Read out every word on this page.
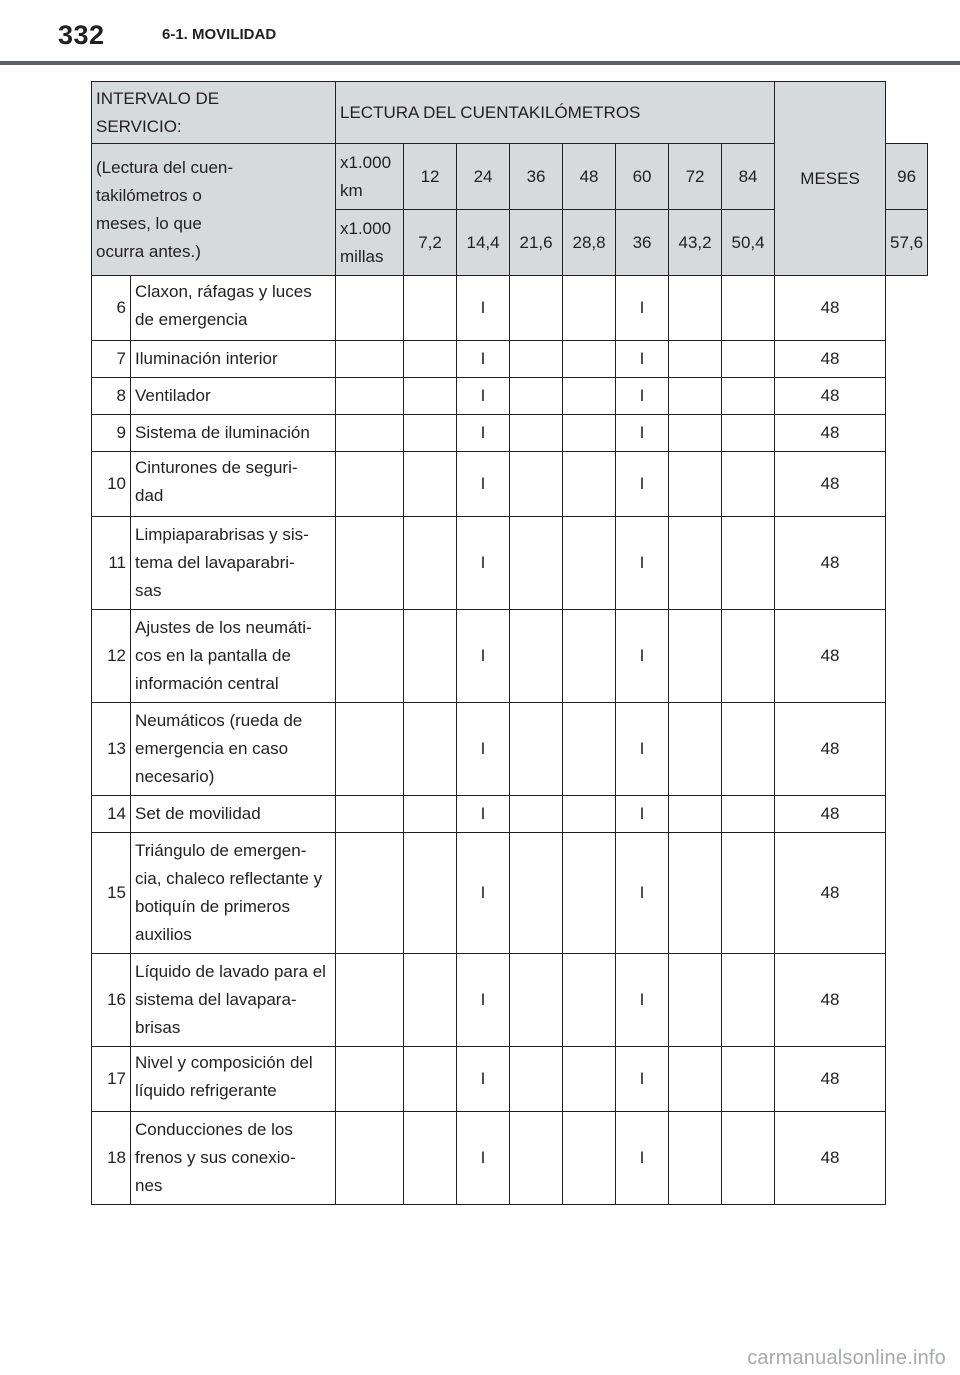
332	6-1. MOVILIDAD
INTERVALO DE SERVICIO:		LECTURA DEL CUENTAKILÓMETROS								MESES	
(Lectura del cuen-takilómetros o meses, lo que ocurra antes.)		x1.000 km	12	24	36	48	60	72	84		96
		x1.000 millas	7,2	14,4	21,6	28,8	36	43,2	50,4		57,6
6	Claxon, ráfagas y luces de emergencia			I			I			48	
7	Iluminación interior			I			I			48	
8	Ventilador			I			I			48	
9	Sistema de iluminación			I			I			48	
10	Cinturones de seguri-dad			I			I			48	
11	Limpiaparabrisas y sis-tema del lavaparabri-sas			I			I			48	
12	Ajustes de los neumáti-cos en la pantalla de información central			I			I			48	
13	Neumáticos (rueda de emergencia en caso necesario)			I			I			48	
14	Set de movilidad			I			I			48	
15	Triángulo de emergen-cia, chaleco reflectante y botiquín de primeros auxilios			I			I			48	
16	Líquido de lavado para el sistema del lavapara-brisas			I			I			48	
17	Nivel y composición del líquido refrigerante			I			I			48	
18	Conducciones de los frenos y sus conexio-nes			I			I			48	
carmanualsonline.info
